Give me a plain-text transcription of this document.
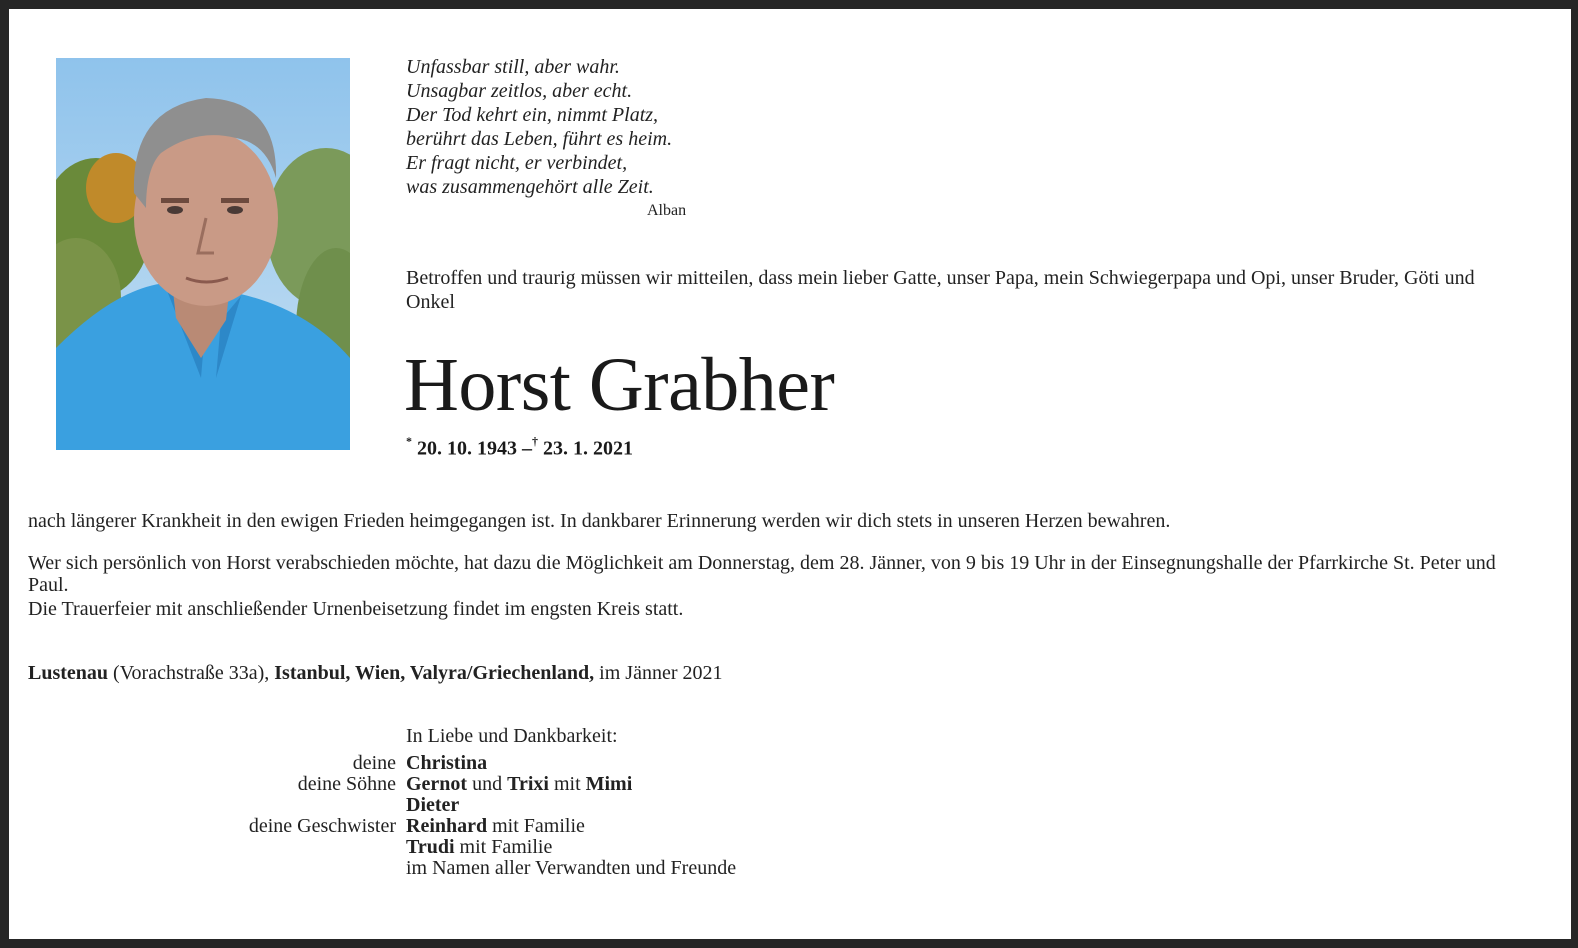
Unfassbar still, aber wahr.
Unsagbar zeitlos, aber echt.
Der Tod kehrt ein, nimmt Platz,
berührt das Leben, führt es heim.
Er fragt nicht, er verbindet,
was zusammengehört alle Zeit.
Alban
Betroffen und traurig müssen wir mitteilen, dass mein lieber Gatte, unser Papa, mein Schwiegerpapa und Opi, unser Bruder, Göti und Onkel
Horst Grabher
* 20. 10. 1943 –† 23. 1. 2021
nach längerer Krankheit in den ewigen Frieden heimgegangen ist. In dankbarer Erinnerung werden wir dich stets in unseren Herzen bewahren.
Wer sich persönlich von Horst verabschieden möchte, hat dazu die Möglichkeit am Donnerstag, dem 28. Jänner, von 9 bis 19 Uhr in der Einsegnungshalle der Pfarrkirche St. Peter und Paul.
Die Trauerfeier mit anschließender Urnenbeisetzung findet im engsten Kreis statt.
Lustenau (Vorachstraße 33a), Istanbul, Wien, Valyra/Griechenland, im Jänner 2021
In Liebe und Dankbarkeit:
deine Christina
deine Söhne Gernot und Trixi mit Mimi
Dieter
deine Geschwister Reinhard mit Familie
Trudi mit Familie
im Namen aller Verwandten und Freunde
